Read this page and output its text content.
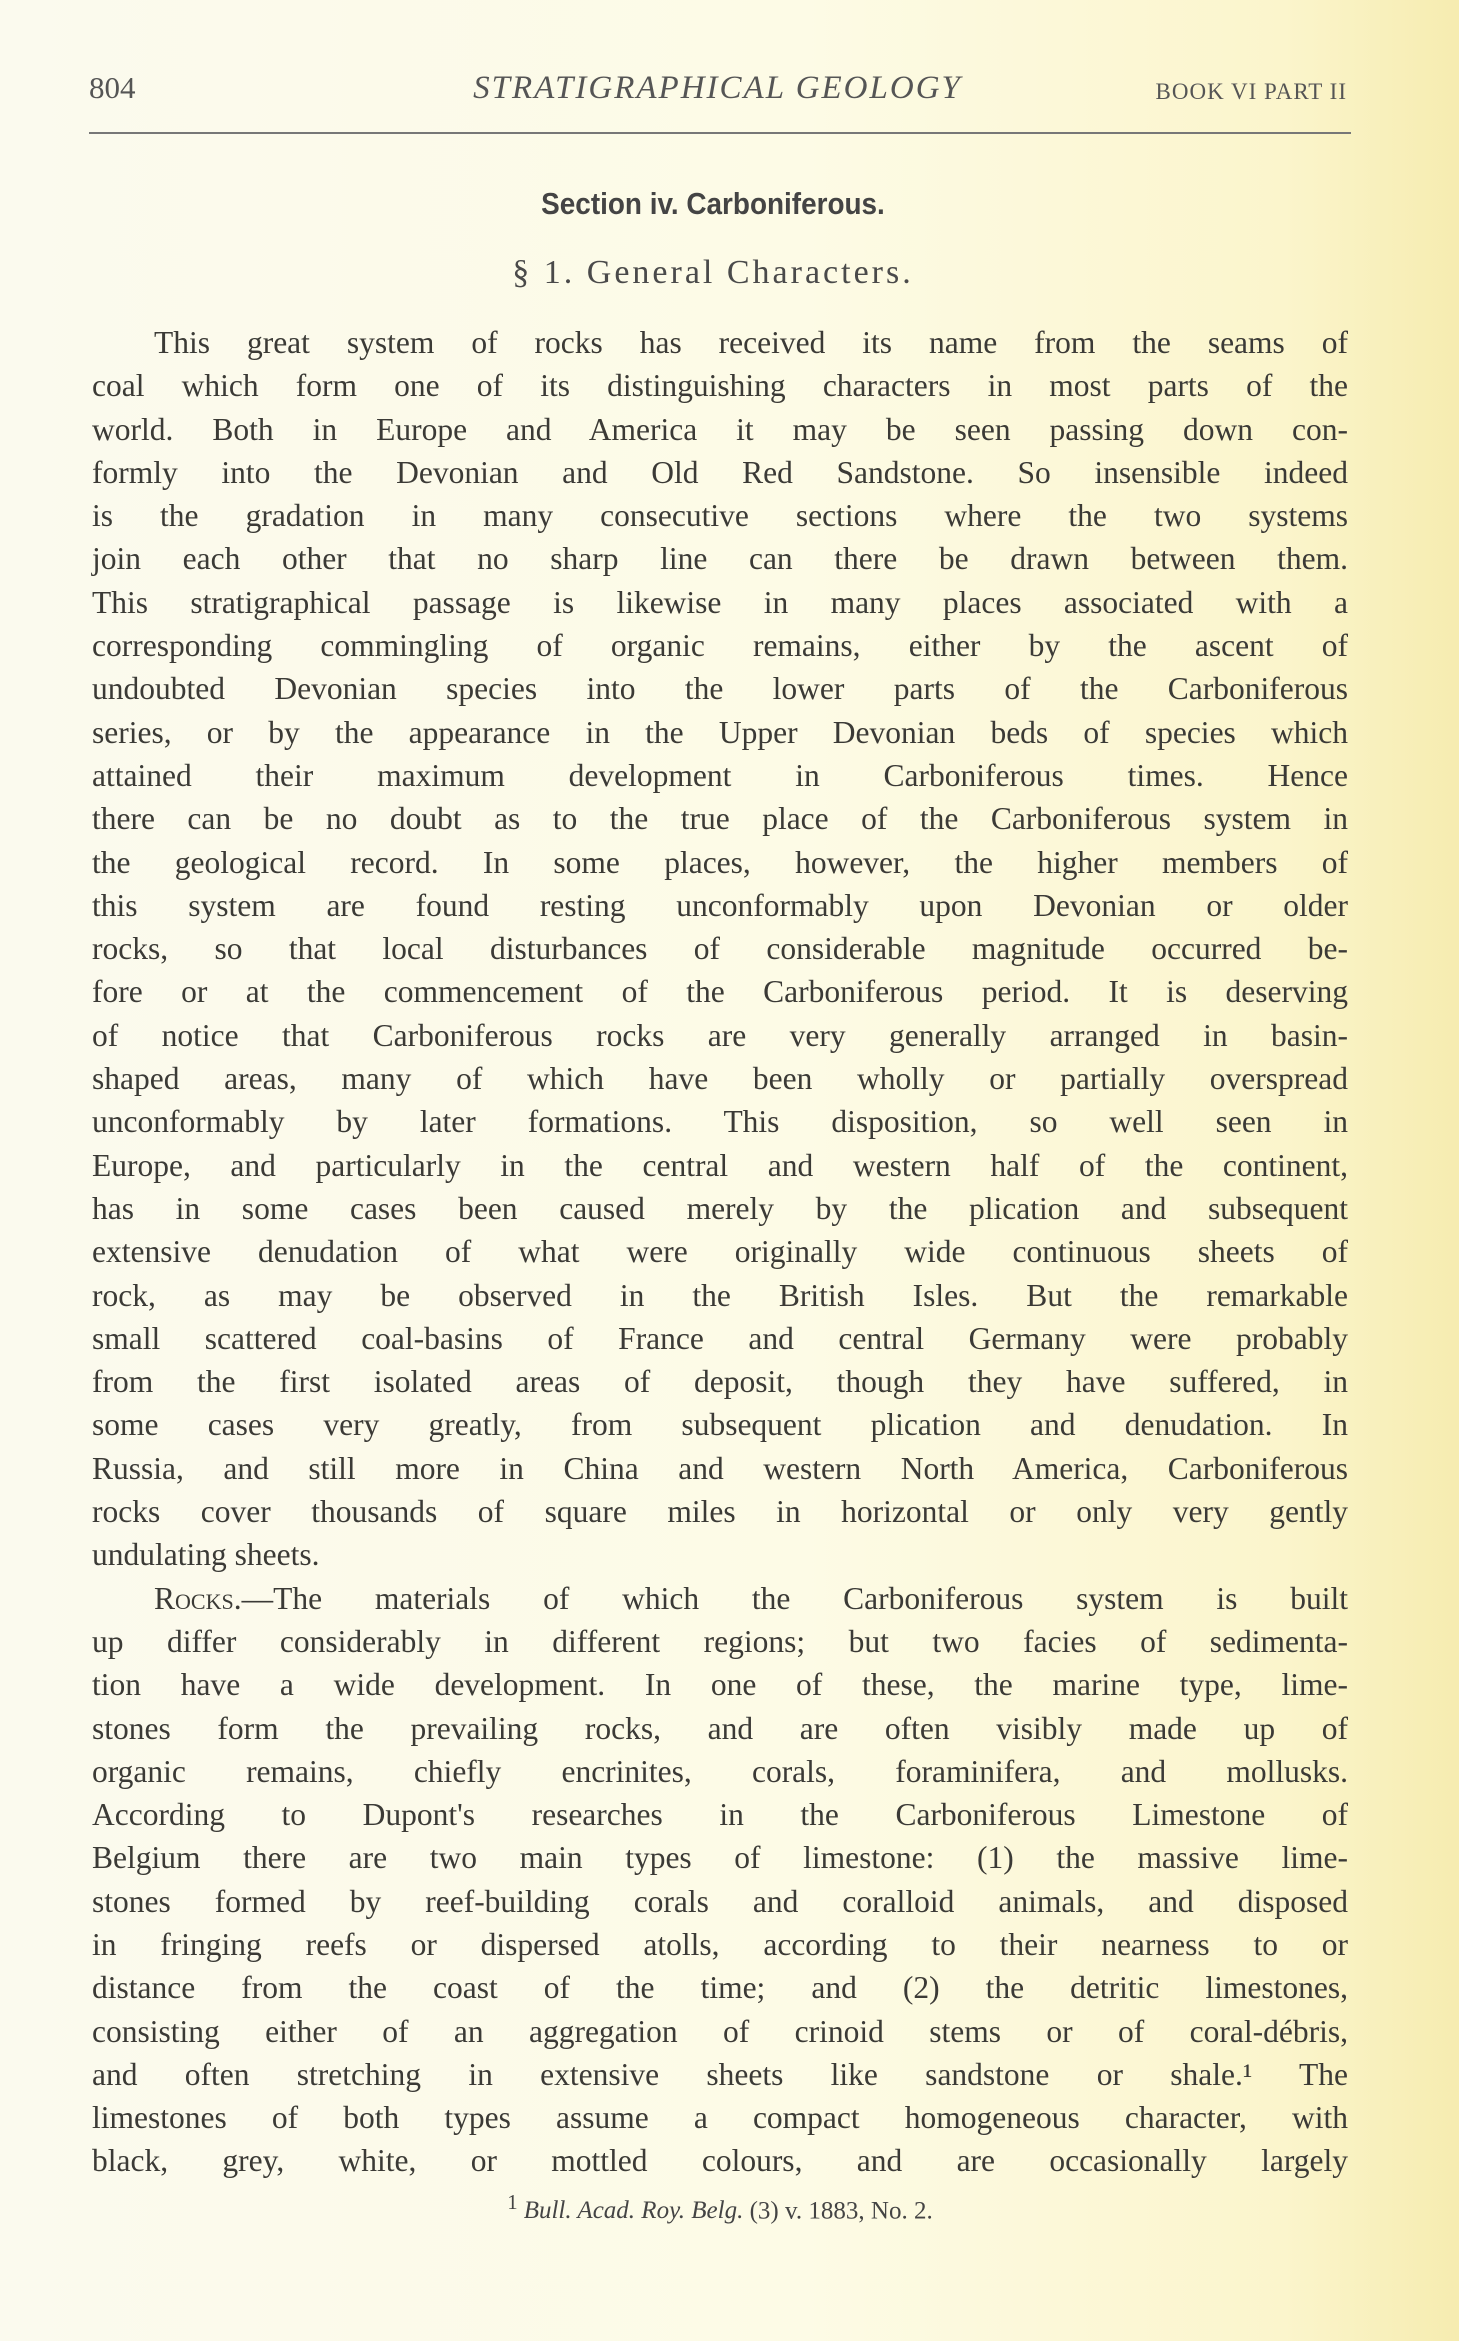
804	STRATIGRAPHICAL GEOLOGY	BOOK VI PART II
Section iv. Carboniferous.
§ 1. General Characters.
This great system of rocks has received its name from the seams of
coal which form one of its distinguishing characters in most parts of the
world. Both in Europe and America it may be seen passing down con-
formly into the Devonian and Old Red Sandstone. So insensible indeed
is the gradation in many consecutive sections where the two systems
join each other that no sharp line can there be drawn between them.
This stratigraphical passage is likewise in many places associated with a
corresponding commingling of organic remains, either by the ascent of
undoubted Devonian species into the lower parts of the Carboniferous
series, or by the appearance in the Upper Devonian beds of species which
attained their maximum development in Carboniferous times. Hence
there can be no doubt as to the true place of the Carboniferous system in
the geological record. In some places, however, the higher members of
this system are found resting unconformably upon Devonian or older
rocks, so that local disturbances of considerable magnitude occurred be-
fore or at the commencement of the Carboniferous period. It is deserving
of notice that Carboniferous rocks are very generally arranged in basin-
shaped areas, many of which have been wholly or partially overspread
unconformably by later formations. This disposition, so well seen in
Europe, and particularly in the central and western half of the continent,
has in some cases been caused merely by the plication and subsequent
extensive denudation of what were originally wide continuous sheets of
rock, as may be observed in the British Isles. But the remarkable
small scattered coal-basins of France and central Germany were probably
from the first isolated areas of deposit, though they have suffered, in
some cases very greatly, from subsequent plication and denudation. In
Russia, and still more in China and western North America, Carboniferous
rocks cover thousands of square miles in horizontal or only very gently
undulating sheets.
Rocks.—The materials of which the Carboniferous system is built
up differ considerably in different regions; but two facies of sedimenta-
tion have a wide development. In one of these, the marine type, lime-
stones form the prevailing rocks, and are often visibly made up of
organic remains, chiefly encrinites, corals, foraminifera, and mollusks.
According to Dupont's researches in the Carboniferous Limestone of
Belgium there are two main types of limestone: (1) the massive lime-
stones formed by reef-building corals and coralloid animals, and disposed
in fringing reefs or dispersed atolls, according to their nearness to or
distance from the coast of the time; and (2) the detritic limestones,
consisting either of an aggregation of crinoid stems or of coral-débris,
and often stretching in extensive sheets like sandstone or shale.¹ The
limestones of both types assume a compact homogeneous character, with
black, grey, white, or mottled colours, and are occasionally largely
$^1$ Bull. Acad. Roy. Belg. (3) v. 1883, No. 2.
